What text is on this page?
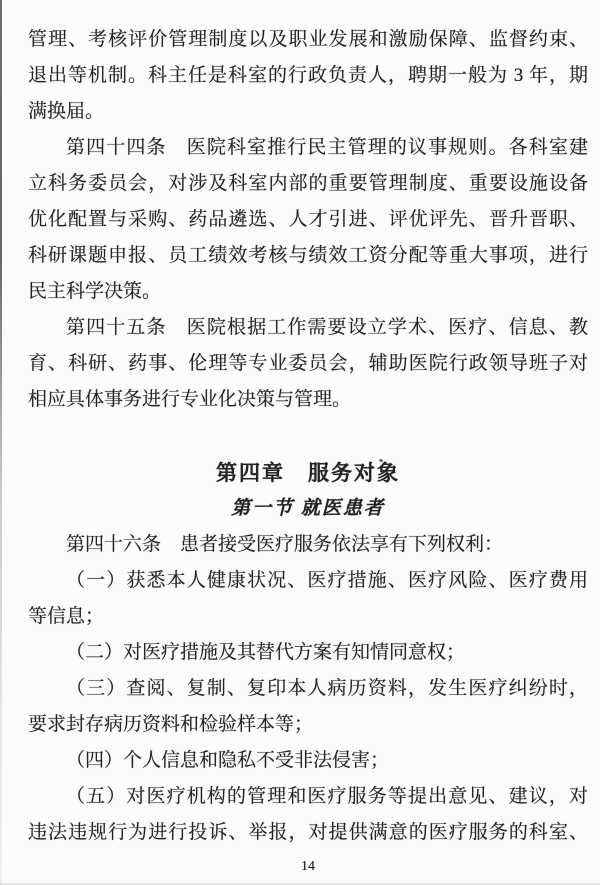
管理、考核评价管理制度以及职业发展和激励保障、监督约束、
退出等机制。科主任是科室的行政负责人，聘期一般为 3 年，期
满换届。
第四十四条　医院科室推行民主管理的议事规则。各科室建
立科务委员会，对涉及科室内部的重要管理制度、重要设施设备
优化配置与采购、药品遴选、人才引进、评优评先、晋升晋职、
科研课题申报、员工绩效考核与绩效工资分配等重大事项，进行
民主科学决策。
第四十五条　医院根据工作需要设立学术、医疗、信息、教
育、科研、药事、伦理等专业委员会，辅助医院行政领导班子对
相应具体事务进行专业化决策与管理。
第四章　服务对象
第一节 就医患者
第四十六条　患者接受医疗服务依法享有下列权利：
（一）获悉本人健康状况、医疗措施、医疗风险、医疗费用
等信息；
（二）对医疗措施及其替代方案有知情同意权；
（三）查阅、复制、复印本人病历资料，发生医疗纠纷时，
要求封存病历资料和检验样本等；
（四）个人信息和隐私不受非法侵害；
（五）对医疗机构的管理和医疗服务等提出意见、建议，对
违法违规行为进行投诉、举报，对提供满意的医疗服务的科室、
14
